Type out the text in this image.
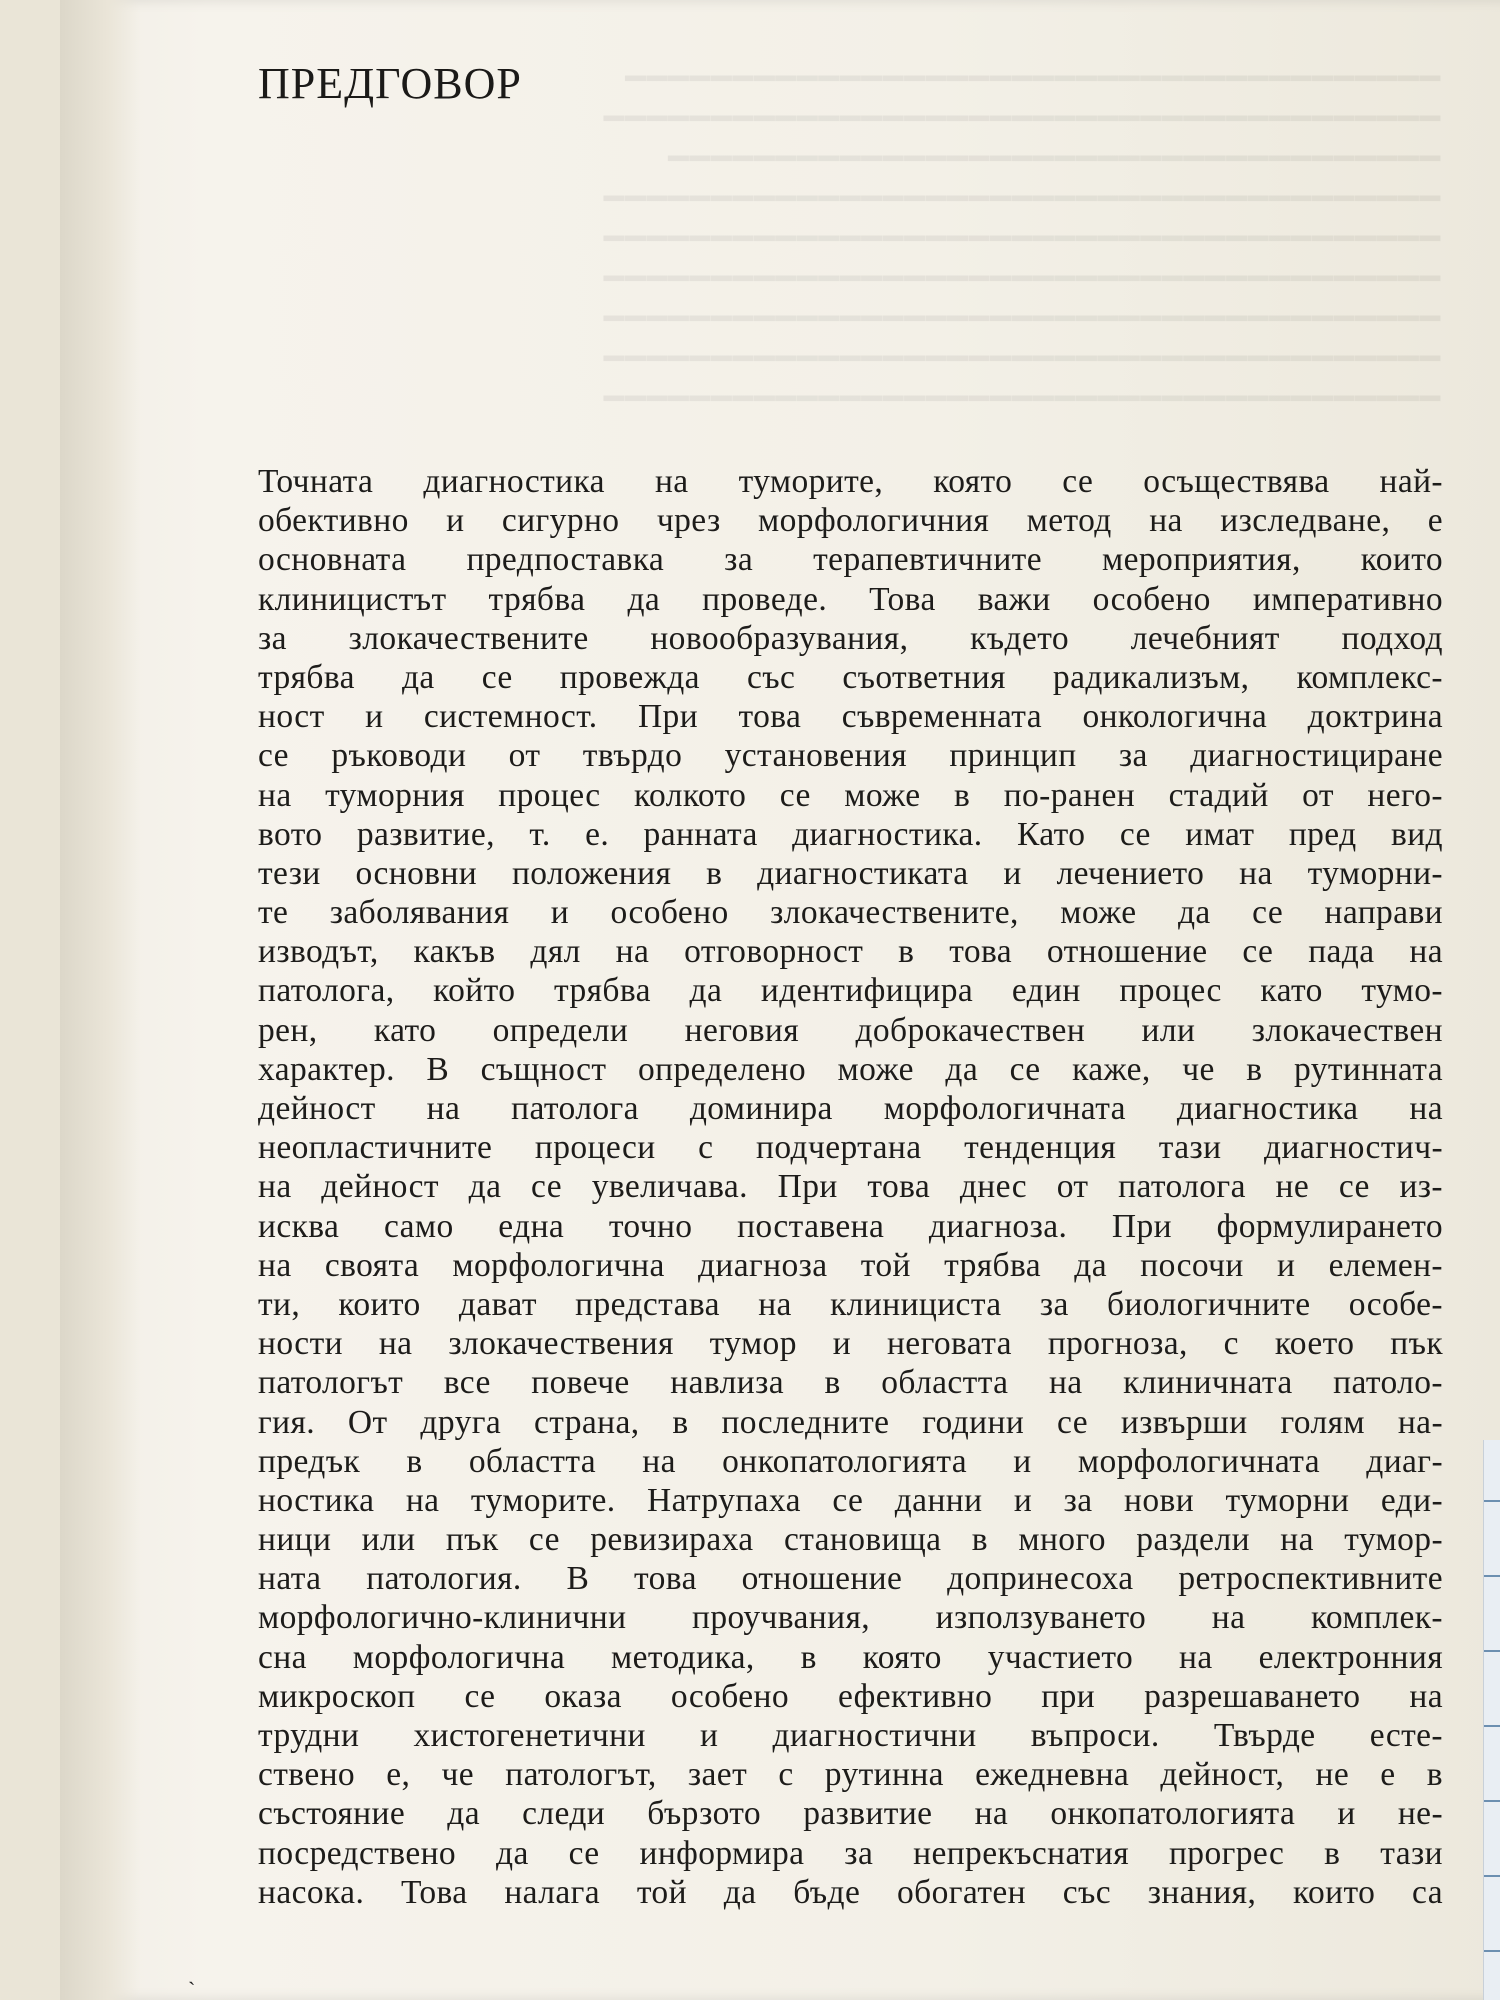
━━━━━━━━━━━━━━━━━━━━━━━━━━━━━━━━━━━━━━
━━━━━━━━━━━━━━━━━━━━━━━━━━━━━━━━━━━━━━━
━━━━━━━━━━━━━━━━━━━━━━━━━━━━━━━━━━━━
━━━━━━━━━━━━━━━━━━━━━━━━━━━━━━━━━━━━━━━
━━━━━━━━━━━━━━━━━━━━━━━━━━━━━━━━━━━━━━━
━━━━━━━━━━━━━━━━━━━━━━━━━━━━━━━━━━━━━━━
━━━━━━━━━━━━━━━━━━━━━━━━━━━━━━━━━━━━━━━
━━━━━━━━━━━━━━━━━━━━━━━━━━━━━━━━━━━━━━━
━━━━━━━━━━━━━━━━━━━━━━━━━━━━━━━━━━━━━━━
ПРЕДГОВОР
Точната диагностика на туморите, която се осъществява най-
обективно и сигурно чрез морфологичния метод на изследване, е
основната предпоставка за терапевтичните мероприятия, които
клиницистът трябва да проведе. Това важи особено императивно
за злокачествените новообразувания, където лечебният подход
трябва да се провежда със съответния радикализъм, комплекс-
ност и системност. При това съвременната онкологична доктрина
се ръководи от твърдо установения принцип за диагностициране
на туморния процес колкото се може в по-ранен стадий от него-
вото развитие, т. е. ранната диагностика. Като се имат пред вид
тези основни положения в диагностиката и лечението на туморни-
те заболявания и особено злокачествените, може да се направи
изводът, какъв дял на отговорност в това отношение се пада на
патолога, който трябва да идентифицира един процес като тумо-
рен, като определи неговия доброкачествен или злокачествен
характер. В същност определено може да се каже, че в рутинната
дейност на патолога доминира морфологичната диагностика на
неопластичните процеси с подчертана тенденция тази диагностич-
на дейност да се увеличава. При това днес от патолога не се из-
исква само една точно поставена диагноза. При формулирането
на своята морфологична диагноза той трябва да посочи и елемен-
ти, които дават представа на клинициста за биологичните особе-
ности на злокачествения тумор и неговата прогноза, с което пък
патологът все повече навлиза в областта на клиничната патоло-
гия. От друга страна, в последните години се извърши голям на-
предък в областта на онкопатологията и морфологичната диаг-
ностика на туморите. Натрупаха се данни и за нови туморни еди-
ници или пък се ревизираха становища в много раздели на тумор-
ната патология. В това отношение допринесоха ретроспективните
морфологично-клинични проучвания, използуването на комплек-
сна морфологична методика, в която участието на електронния
микроскоп се оказа особено ефективно при разрешаването на
трудни хистогенетични и диагностични въпроси. Твърде есте-
ствено е, че патологът, зает с рутинна ежедневна дейност, не е в
състояние да следи бързото развитие на онкопатологията и не-
посредствено да се информира за непрекъснатия прогрес в тази
насока. Това налага той да бъде обогатен със знания, които са
ˏ
